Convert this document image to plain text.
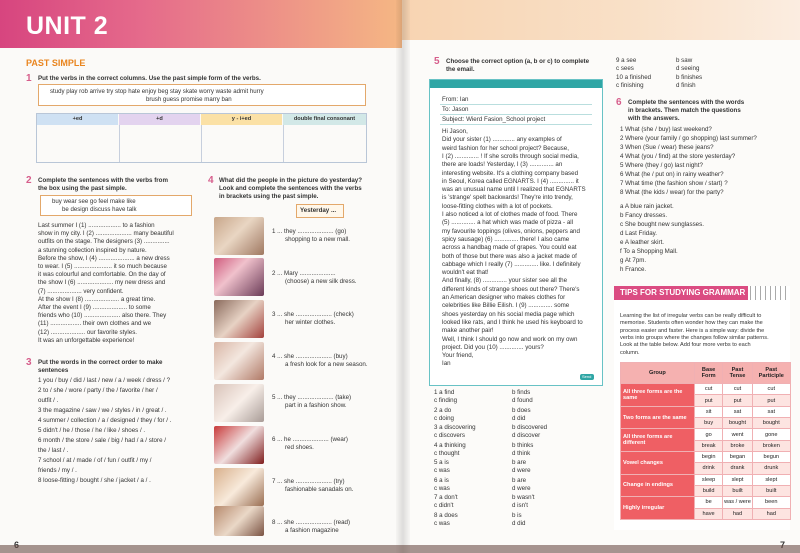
UNIT 2
PAST SIMPLE
1 Put the verbs in the correct columns. Use the past simple form of the verbs.
study play rob arrive try stop hate enjoy beg stay skate worry waste admit hurry
brush guess promise marry ban
+ed	+d	y - i+ed	double final consonant
2 Complete the sentences with the verbs from
the box using the past simple.
buy wear see go feel make like
be design discuss have talk
Last summer I (1) ................... to a fashion
show in my city. I (2) ..................... many beautiful
outfits on the stage. The designers (3) ...............
a stunning collection inspired by nature.
Before the show, I (4) ..................... a new dress
to wear. I (5) ...................... it so much because
it was colourful and comfortable. On the day of
the show I (6) ..................... my new dress and
(7) .................... very confident.
At the show I (8) .................... a great time.
After the event I (9) .................... to some
friends who (10) ..................... also there. They
(11) .................. their own clothes and we
(12) .................... our favorite styles.
It was an unforgettable experience!
3 Put the words in the correct order to make
sentences
1 you / buy / did / last / new / a / week / dress / ?
2 to / she / wore / party / the / favorite / her /
outfit / .
3 the magazine / saw / we / styles / in / great / .
4 summer / collection / a / designed / they / for / .
5 didn't / he / those / he / like / shoes / .
6 month / the store / sale / big / had / a / store /
the / last / .
7 school / at / made / of / fun / outfit / my /
friends / my / .
8 loose-fitting / bought / she / jacket / a / .
4 What did the people in the picture do yesterday?
Look and complete the sentences with the verbs
in brackets using the past simple.
Yesterday ...
1 ... they ..................... (go)
shopping to a new mall.
2 ... Mary .....................
(choose) a new silk dress.
3 ... she ..................... (check)
her winter clothes.
4 ... she ..................... (buy)
a fresh look for a new season.
5 ... they ..................... (take)
part in a fashion show.
6 ... he ..................... (wear)
red shoes.
7 ... she ..................... (try)
fashionable sanadals on.
8 ... she ..................... (read)
a fashion magazine
5 Choose the correct option (a, b or c) to complete
the email.
New message
From: Ian
To: Jason
Subject: Wierd Fasion_School project
Hi Jason,
Did your sister (1) ............. any examples of
weird fashion for her school project? Because,
I (2) .............. ! If she scrolls through social media,
there are loads! Yesterday, I (3) .............. an
interesting website. It's a clothing company based
in Seoul, Korea called EGNARTS. I (4) .............. it
was an unusual name until I realized that EGNARTS
is 'strange' spelt backwards! They're into trendy,
loose-fitting clothes with a lot of pockets.
I also noticed a lot of clothes made of food. There
(5) .............. a hat which was made of pizza - all
my favourite toppings (olives, onions, peppers and
spicy sausage) (6) .............. there! I also came
across a handbag made of grapes. You could eat
both of those but there was also a jacket made of
cabbage which I really (7) .............. like. I definitely
wouldn't eat that!
And finally, (8) .............. your sister see all the
different kinds of strange shoes out there? There's
an American designer who makes clothes for
celebrities like Billie Eilish. I (9) .............. some
shoes yesterday on his social media page which
looked like rats, and I think he used his keyboard to
make another pair!
Well, I think I should go now and work on my own
project. Did you (10) .............. yours?
Your friend,
Ian
Send
1 a find	b finds
c finding	d found
2 a do	b does
c doing	d did
3 a discovering	b discovered
c discovers	d discover
4 a thinking	b thinks
c thought	d think
5 a is	b are
c was	d were
6 a is	b are
c was	d were
7 a don't	b wasn't
c didn't	d isn't
8 a does	b is
c was	d did
9 a see	b saw
c sees	d seeing
10 a finished	b finishes
c finishing	d finish
6 Complete the sentences with the words
in brackets. Then match the questions
with the answers.
1 What (she / buy) last weekend?
2 Where (your family / go shopping) last summer?
3 When (Sue / wear) these jeans?
4 What (you / find) at the store yesterday?
5 Where (they / go) last night?
6 What (he / put on) in rainy weather?
7 What time (the fashion show / start) ?
8 What (the kids / wear) for the party?
a A blue rain jacket.
b Fancy dresses.
c She bought new sunglasses.
d Last Friday.
e A leather skirt.
f To a Shopping Mall.
g At 7pm.
h France.
TIPS FOR STUDYING GRAMMAR
Learning the list of irregular verbs can be really difficult to
memorise. Students often wonder how they can make the
process easier and faster. Here is a simple way: divide the
verbs into groups where the changes follow similar patterns.
Look at the table below. Add four more verbs to each
column.
Group	Base Form	Past Tense	Past Participle
All three forms are the same	cut	cut	cut
	put	put	put
Two forms are the same	sit	sat	sat
	buy	bought	bought
All three forms are different	go	went	gone
	break	broke	broken
Vowel changes	begin	began	begun
	drink	drank	drunk
Change in endings	sleep	slept	slept
	build	built	built
Highly irregular	be	was / were	been
	have	had	had
